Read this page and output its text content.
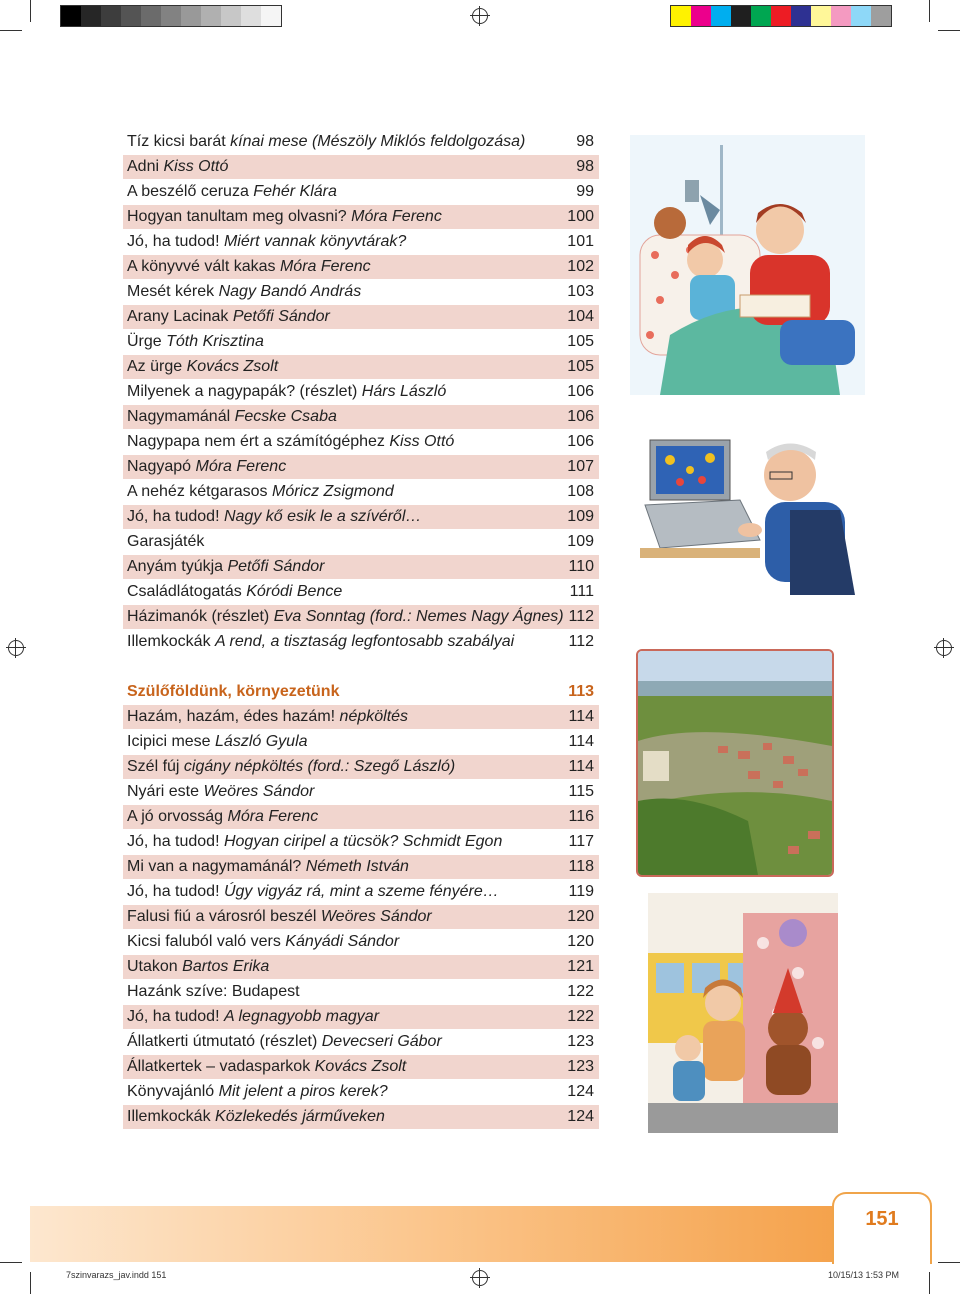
Tíz kicsi barát kínai mese (Mészöly Miklós feldolgozása)	98
Adni Kiss Ottó	98
A beszélő ceruza Fehér Klára	99
Hogyan tanultam meg olvasni? Móra Ferenc	100
Jó, ha tudod! Miért vannak könyvtárak?	101
A könyvvé vált kakas Móra Ferenc	102
Mesét kérek Nagy Bandó András	103
Arany Lacinak Petőfi Sándor	104
Ürge Tóth Krisztina	105
Az ürge Kovács Zsolt	105
Milyenek a nagypapák? (részlet) Hárs László	106
Nagymamánál Fecske Csaba	106
Nagypapa nem ért a számítógéphez Kiss Ottó	106
Nagyapó Móra Ferenc	107
A nehéz kétgarasos Móricz Zsigmond	108
Jó, ha tudod! Nagy kő esik le a szívéről…	109
Garasjáték	109
Anyám tyúkja Petőfi Sándor	110
Családlátogatás Kóródi Bence	111
Házimanók (részlet) Eva Sonntag (ford.: Nemes Nagy Ágnes) 112
Illemkockák A rend, a tisztaság legfontosabb szabályai	112
Szülőföldünk, környezetünk	113
Hazám, hazám, édes hazám! népköltés	114
Icipici mese László Gyula	114
Szél fúj cigány népköltés (ford.: Szegő László)	114
Nyári este Weöres Sándor	115
A jó orvosság Móra Ferenc	116
Jó, ha tudod! Hogyan ciripel a tücsök? Schmidt Egon	117
Mi van a nagymamánál? Németh István	118
Jó, ha tudod! Úgy vigyáz rá, mint a szeme fényére…	119
Falusi fiú a városról beszél Weöres Sándor	120
Kicsi faluból való vers Kányádi Sándor	120
Utakon Bartos Erika	121
Hazánk szíve: Budapest	122
Jó, ha tudod! A legnagyobb magyar	122
Állatkerti útmutató (részlet) Devecseri Gábor	123
Állatkertek – vadasparkok Kovács Zsolt	123
Könyvajánló Mit jelent a piros kerek?	124
Illemkockák Közlekedés járműveken	124
151
7szinvarazs_jav.indd 151	10/15/13 1:53 PM
